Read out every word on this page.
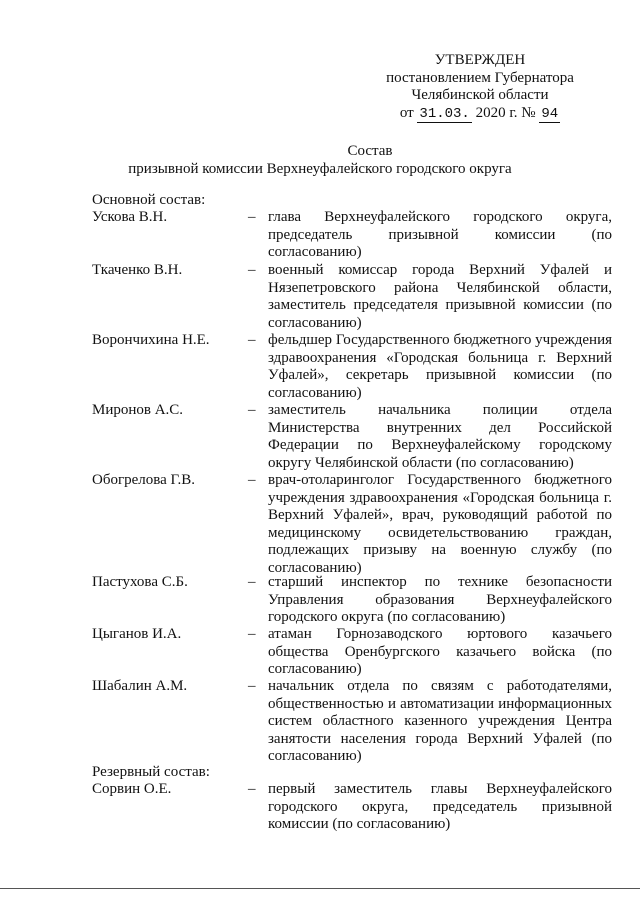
УТВЕРЖДЕН
постановлением Губернатора
Челябинской области
от 31.03. 2020 г. № 94
Состав
призывной комиссии Верхнеуфалейского городского округа
Основной состав:
Ускова В.Н.	– глава Верхнеуфалейского городского округа, председатель призывной комиссии (по согласованию)
Ткаченко В.Н.	– военный комиссар города Верхний Уфалей и Нязепетровского района Челябинской области, заместитель председателя призывной комиссии (по согласованию)
Ворончихина Н.Е.	– фельдшер Государственного бюджетного учреждения здравоохранения «Городская больница г. Верхний Уфалей», секретарь призывной комиссии (по согласованию)
Миронов А.С.	– заместитель начальника полиции отдела Министерства внутренних дел Российской Федерации по Верхнеуфалейскому городскому округу Челябинской области (по согласованию)
Обогрелова Г.В.	– врач-отоларинголог Государственного бюджетного учреждения здравоохранения «Городская больница г. Верхний Уфалей», врач, руководящий работой по медицинскому освидетельствованию граждан, подлежащих призыву на военную службу (по согласованию)
Пастухова С.Б.	– старший инспектор по технике безопасности Управления образования Верхнеуфалейского городского округа (по согласованию)
Цыганов И.А.	– атаман Горнозаводского юртового казачьего общества Оренбургского казачьего войска (по согласованию)
Шабалин А.М.	– начальник отдела по связям с работодателями, общественностью и автоматизации информационных систем областного казенного учреждения Центра занятости населения города Верхний Уфалей (по согласованию)
Резервный состав:
Сорвин О.Е.	– первый заместитель главы Верхнеуфалейского городского округа, председатель призывной комиссии (по согласованию)
